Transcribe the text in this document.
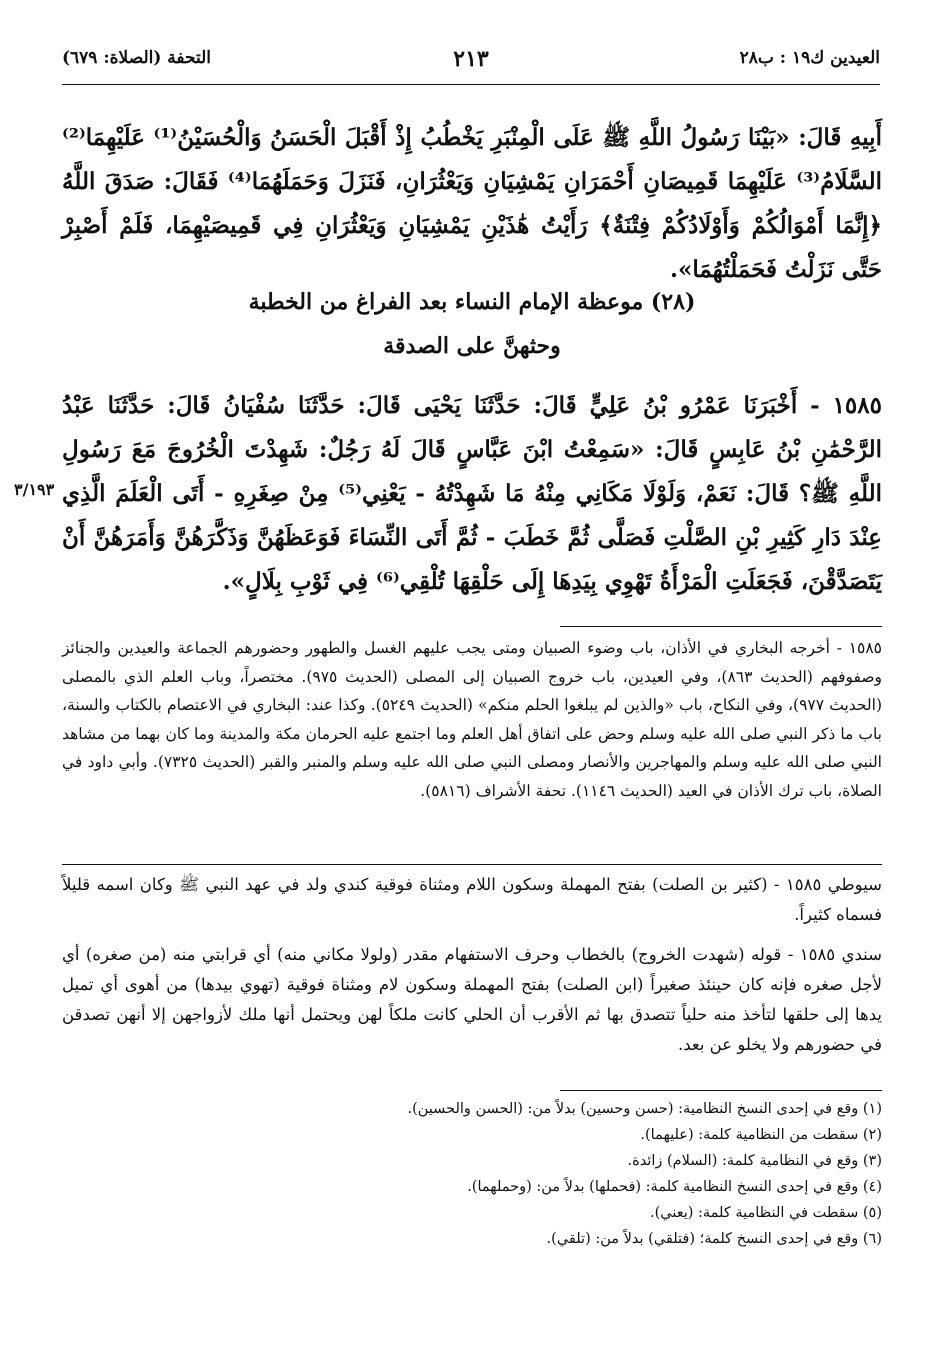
العيدين ك١٩ : ب٢٨
٢١٣
التحفة (الصلاة: ٦٧٩)
أَبِيهِ قَالَ: «بَيْنَا رَسُولُ اللَّهِ ﷺ عَلَى الْمِنْبَرِ يَخْطُبُ إِذْ أَقْبَلَ الْحَسَنُ وَالْحُسَيْنُ⁽¹⁾ عَلَيْهِمَا⁽²⁾ السَّلَامُ⁽³⁾ عَلَيْهِمَا قَمِيصَانِ أَحْمَرَانِ يَمْشِيَانِ وَيَعْثُرَانِ، فَنَزَلَ وَحَمَلَهُمَا⁽⁴⁾ فَقَالَ: صَدَقَ اللَّهُ ﴿إِنَّمَا أَمْوَالُكُمْ وَأَوْلَادُكُمْ فِتْنَةٌ﴾ رَأَيْتُ هَٰذَيْنِ يَمْشِيَانِ وَيَعْثُرَانِ فِي قَمِيصَيْهِمَا، فَلَمْ أَصْبِرْ حَتَّى نَزَلْتُ فَحَمَلْتُهُمَا».
(٢٨) موعظة الإمام النساء بعد الفراغ من الخطبة
وحثهنَّ على الصدقة
١٥٨٥ - أَخْبَرَنَا عَمْرُو بْنُ عَلِيٍّ قَالَ: حَدَّثَنَا يَحْيَى قَالَ: حَدَّثَنَا سُفْيَانُ قَالَ: حَدَّثَنَا عَبْدُ الرَّحْمَٰنِ بْنُ عَابِسٍ قَالَ: «سَمِعْتُ ابْنَ عَبَّاسٍ قَالَ لَهُ رَجُلٌ: شَهِدْتَ الْخُرُوجَ مَعَ رَسُولِ اللَّهِ ﷺ؟ قَالَ: نَعَمْ، وَلَوْلَا مَكَانِي مِنْهُ مَا شَهِدْتُهُ - يَعْنِي⁽⁵⁾ مِنْ صِغَرِهِ - أَتَى الْعَلَمَ الَّذِي عِنْدَ دَارِ كَثِيرِ بْنِ الصَّلْتِ فَصَلَّى ثُمَّ خَطَبَ - ثُمَّ أَتَى النِّسَاءَ فَوَعَظَهُنَّ وَذَكَّرَهُنَّ وَأَمَرَهُنَّ أَنْ يَتَصَدَّقْنَ، فَجَعَلَتِ الْمَرْأَةُ تَهْوِي بِيَدِهَا إِلَى حَلْقِهَا تُلْقِي⁽⁶⁾ فِي ثَوْبِ بِلَالٍ».
٣/١٩٣
١٥٨٥ - أخرجه البخاري في الأذان، باب وضوء الصبيان ومتى يجب عليهم الغسل والطهور وحضورهم الجماعة والعيدين والجنائز وصفوفهم (الحديث ٨٦٣)، وفي العيدين، باب خروج الصبيان إلى المصلى (الحديث ٩٧٥). مختصراً، وباب العلم الذي بالمصلى (الحديث ٩٧٧)، وفي النكاح، باب «والذين لم يبلغوا الحلم منكم» (الحديث ٥٢٤٩). وكذا عند: البخاري في الاعتصام بالكتاب والسنة، باب ما ذكر النبي صلى الله عليه وسلم وحض على اتفاق أهل العلم وما اجتمع عليه الحرمان مكة والمدينة وما كان بهما من مشاهد النبي صلى الله عليه وسلم والمهاجرين والأنصار ومصلى النبي صلى الله عليه وسلم والمنبر والقبر (الحديث ٧٣٢٥). وأبي داود في الصلاة، باب ترك الأذان في العيد (الحديث ١١٤٦). تحفة الأشراف (٥٨١٦).
سيوطي ١٥٨٥ - (كثير بن الصلت) بفتح المهملة وسكون اللام ومثناة فوقية كندي ولد في عهد النبي ﷺ وكان اسمه قليلاً فسماه كثيراً.
سندي ١٥٨٥ - قوله (شهدت الخروج) بالخطاب وحرف الاستفهام مقدر (ولولا مكاني منه) أي قرابتي منه (من صغره) أي لأجل صغره فإنه كان حينئذ صغيراً (ابن الصلت) بفتح المهملة وسكون لام ومثناة فوقية (تهوي بيدها) من أهوى أي تميل يدها إلى حلقها لتأخذ منه حلياً تتصدق بها ثم الأقرب أن الحلي كانت ملكاً لهن ويحتمل أنها ملك لأزواجهن إلا أنهن تصدقن في حضورهم ولا يخلو عن بعد.
(١) وقع في إحدى النسخ النظامية: (حسن وحسين) بدلاً من: (الحسن والحسين).
(٢) سقطت من النظامية كلمة: (عليهما).
(٣) وقع في النظامية كلمة: (السلام) زائدة.
(٤) وقع في إحدى النسخ النظامية كلمة: (فحملها) بدلاً من: (وحملهما).
(٥) سقطت في النظامية كلمة: (يعني).
(٦) وقع في إحدى النسخ كلمة؛ (فتلقي) بدلاً من: (تلقي).
